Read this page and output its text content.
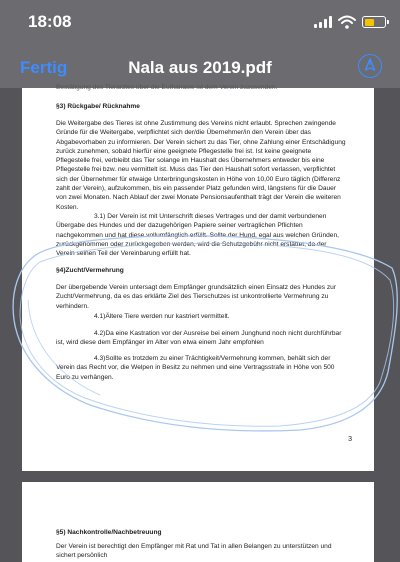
18:08
Fertig	Nala aus 2019.pdf
Bestätigung des Tierarztes über die Euthanasie ist dem Verein zuzusenden.
§3) Rückgabe/ Rücknahme
Die Weitergabe des Tieres ist ohne Zustimmung des Vereins nicht erlaubt. Sprechen zwingende Gründe für die Weitergabe, verpflichtet sich der/die Übernehmer/in den Verein über das Abgabevorhaben zu informieren. Der Verein sichert zu das Tier, ohne Zahlung einer Entschädigung zurück zunehmen, sobald hierfür eine geeignete Pflegestelle frei ist. Ist keine geeignete Pflegestelle frei, verbleibt das Tier solange im Haushalt des Übernehmers entweder bis eine Pflegestelle frei bzw. neu vermittelt ist. Muss das Tier den Haushalt sofort verlassen, verpflichtet sich der Übernehmer für etwaige Unterbringungskosten in Höhe von 10,00 Euro täglich (Differenz zahlt der Verein), aufzukommen, bis ein passender Platz gefunden wird, längstens für die Dauer von zwei Monaten. Nach Ablauf der zwei Monate Pensionsaufenthalt trägt der Verein die weiteren Kosten.
3.1) Der Verein ist mit Unterschrift dieses Vertrages und der damit verbundenen Übergabe des Hundes und der dazugehörigen Papiere seiner vertraglichen Pflichten nachgekommen und hat diese vollumfänglich erfüllt. Sollte der Hund, egal aus welchen Gründen, zurückgenommen oder zurückgegeben werden, wird die Schutzgebühr nicht erstattet, da der Verein seinen Teil der Vereinbarung erfüllt hat.
§4)Zucht/Vermehrung
Der übergebende Verein untersagt dem Empfänger grundsätzlich einen Einsatz des Hundes zur Zucht/Vermehrung, da es das erklärte Ziel des Tierschutzes ist unkontrollierte Vermehrung zu verhindern.
4.1)Ältere Tiere werden nur kastriert vermittelt.
4.2)Da eine Kastration vor der Ausreise bei einem Junghund noch nicht durchführbar ist, wird diese dem Empfänger im Alter von etwa einem Jahr empfohlen
4.3)Sollte es trotzdem zu einer Trächtigkeit/Vermehrung kommen, behält sich der Verein das Recht vor, die Welpen in Besitz zu nehmen und eine Vertragsstrafe in Höhe von 500 Euro zu verhängen.
3
§5) Nachkontrolle/Nachbetreuung
Der Verein ist berechtigt den Empfänger mit Rat und Tat in allen Belangen zu unterstützen und sichert persönlich
